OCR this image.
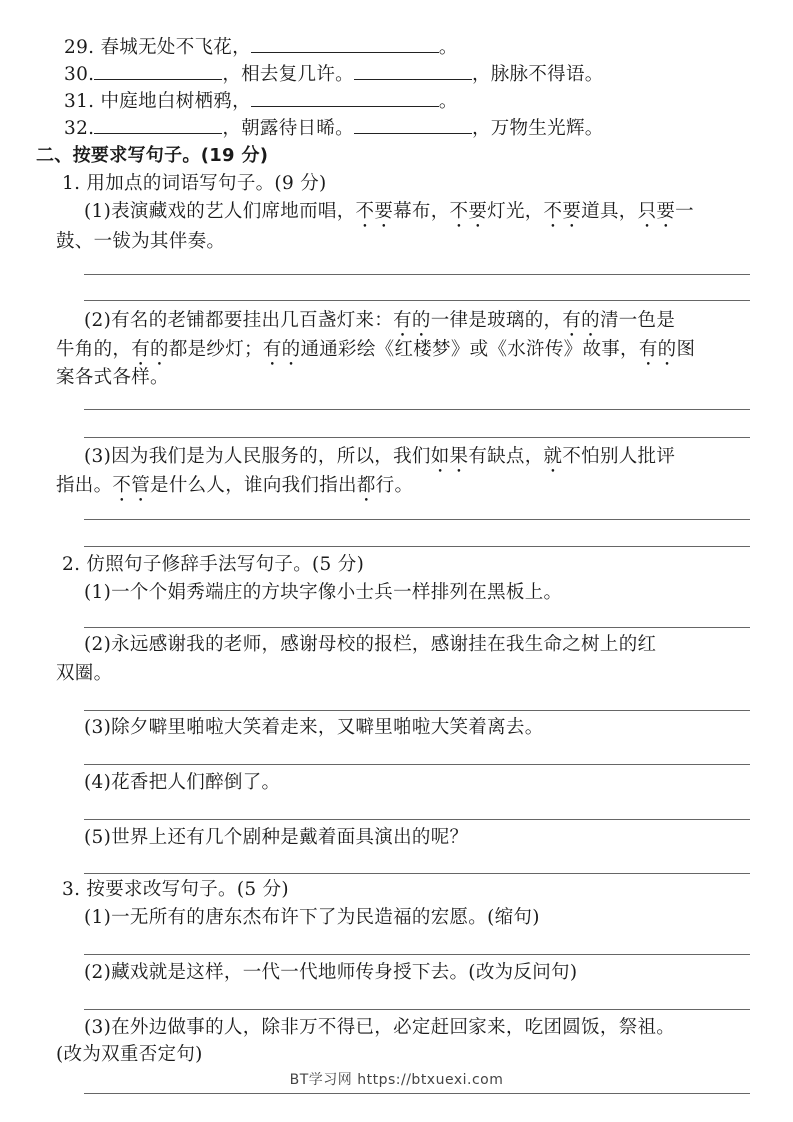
29. 春城无处不飞花，	。
30.	，相去复几许。	，脉脉不得语。
31. 中庭地白树栖鸦，	。
32.	，朝露待日晞。	，万物生光辉。
二、按要求写句子。(19 分)
1. 用加点的词语写句子。(9 分)
(1)表演藏戏的艺人们席地而唱，不要幕布，不要灯光，不要道具，只要一
鼓、一钹为其伴奏。
(2)有名的老铺都要挂出几百盏灯来：有的一律是玻璃的，有的清一色是
牛角的，有的都是纱灯；有的通通彩绘《红楼梦》或《水浒传》故事，有的图
案各式各样。
(3)因为我们是为人民服务的，所以，我们如果有缺点，就不怕别人批评
指出。不管是什么人，谁向我们指出都行。
2. 仿照句子修辞手法写句子。(5 分)
(1)一个个娟秀端庄的方块字像小士兵一样排列在黑板上。
(2)永远感谢我的老师，感谢母校的报栏，感谢挂在我生命之树上的红
双圈。
(3)除夕噼里啪啦大笑着走来，又噼里啪啦大笑着离去。
(4)花香把人们醉倒了。
(5)世界上还有几个剧种是戴着面具演出的呢？
3. 按要求改写句子。(5 分)
(1)一无所有的唐东杰布许下了为民造福的宏愿。(缩句)
(2)藏戏就是这样，一代一代地师传身授下去。(改为反问句)
(3)在外边做事的人，除非万不得已，必定赶回家来，吃团圆饭，祭祖。
(改为双重否定句)
BT学习网 https://btxuexi.com
